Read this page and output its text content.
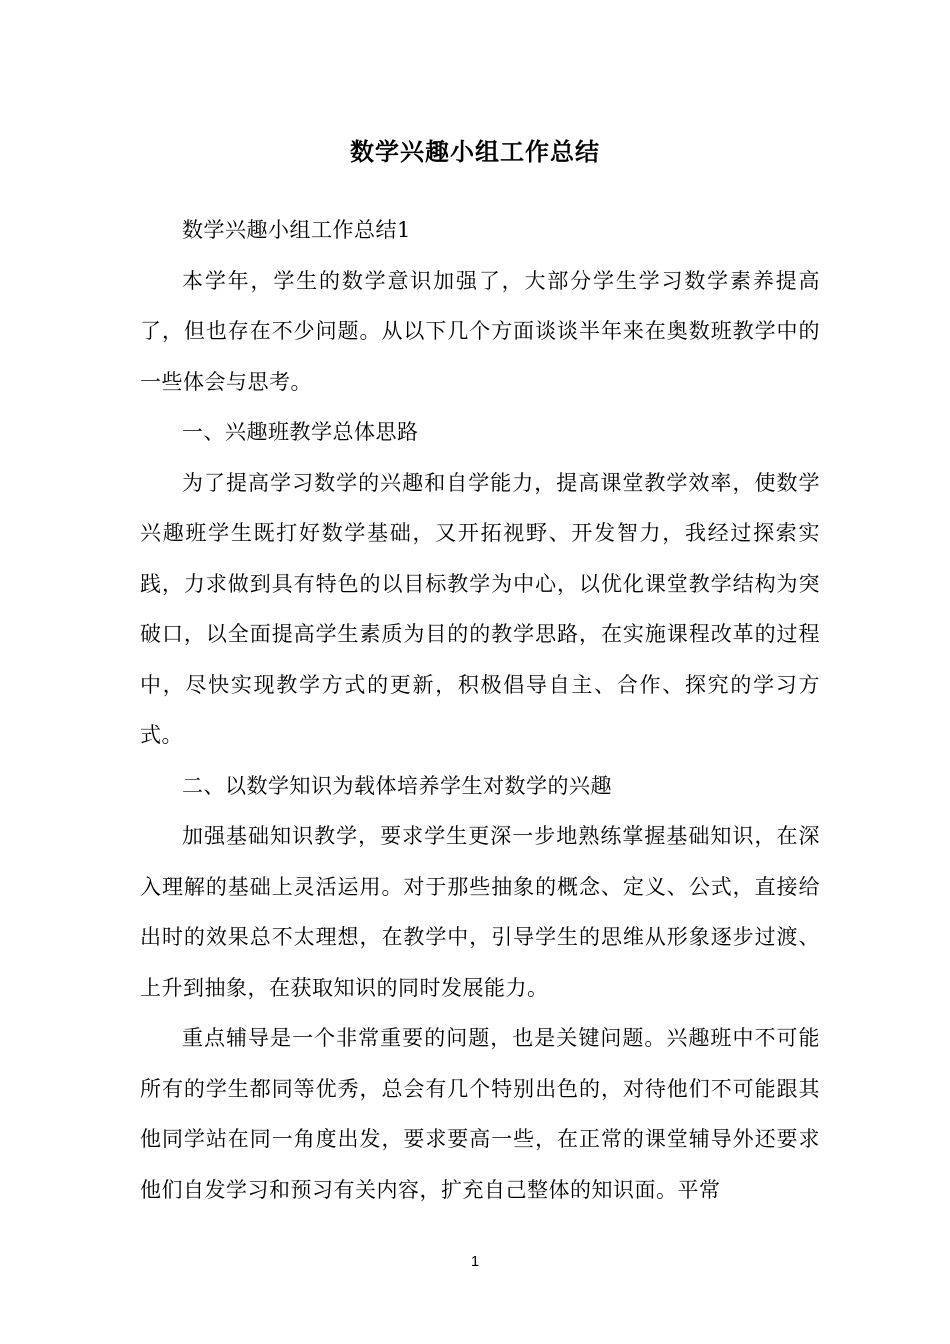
数学兴趣小组工作总结

数学兴趣小组工作总结1

本学年，学生的数学意识加强了，大部分学生学习数学素养提高了，但也存在不少问题。从以下几个方面谈谈半年来在奥数班教学中的一些体会与思考。

一、兴趣班教学总体思路

为了提高学习数学的兴趣和自学能力，提高课堂教学效率，使数学兴趣班学生既打好数学基础，又开拓视野、开发智力，我经过探索实践，力求做到具有特色的以目标教学为中心，以优化课堂教学结构为突破口，以全面提高学生素质为目的的教学思路，在实施课程改革的过程中，尽快实现教学方式的更新，积极倡导自主、合作、探究的学习方式。

二、以数学知识为载体培养学生对数学的兴趣

加强基础知识教学，要求学生更深一步地熟练掌握基础知识，在深入理解的基础上灵活运用。对于那些抽象的概念、定义、公式，直接给出时的效果总不太理想，在教学中，引导学生的思维从形象逐步过渡、上升到抽象，在获取知识的同时发展能力。

重点辅导是一个非常重要的问题，也是关键问题。兴趣班中不可能所有的学生都同等优秀，总会有几个特别出色的，对待他们不可能跟其他同学站在同一角度出发，要求要高一些，在正常的课堂辅导外还要求他们自发学习和预习有关内容，扩充自己整体的知识面。平常

1
